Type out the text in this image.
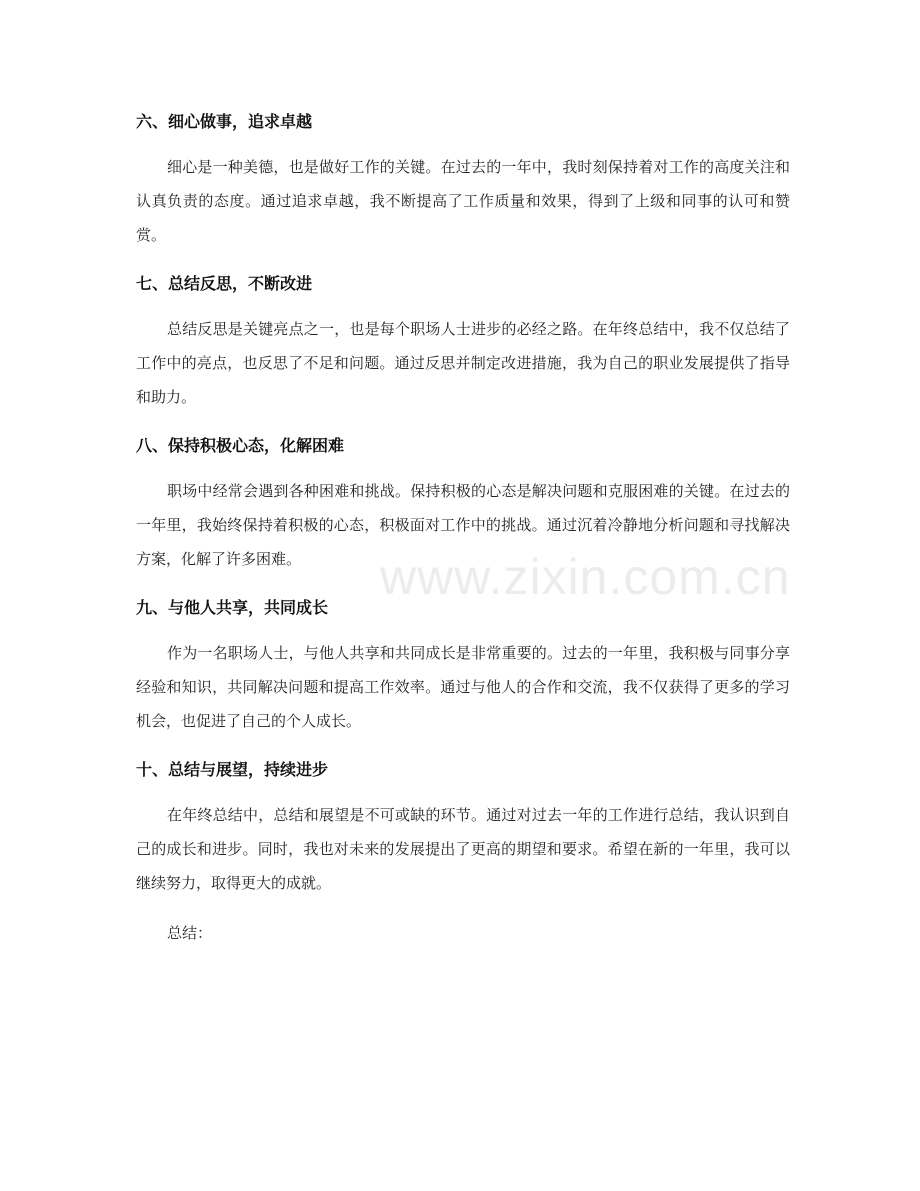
六、细心做事，追求卓越

细心是一种美德，也是做好工作的关键。在过去的一年中，我时刻保持着对工作的高度关注和认真负责的态度。通过追求卓越，我不断提高了工作质量和效果，得到了上级和同事的认可和赞赏。

七、总结反思，不断改进

总结反思是关键亮点之一，也是每个职场人士进步的必经之路。在年终总结中，我不仅总结了工作中的亮点，也反思了不足和问题。通过反思并制定改进措施，我为自己的职业发展提供了指导和助力。

八、保持积极心态，化解困难

职场中经常会遇到各种困难和挑战。保持积极的心态是解决问题和克服困难的关键。在过去的一年里，我始终保持着积极的心态，积极面对工作中的挑战。通过沉着冷静地分析问题和寻找解决方案，化解了许多困难。

九、与他人共享，共同成长

作为一名职场人士，与他人共享和共同成长是非常重要的。过去的一年里，我积极与同事分享经验和知识，共同解决问题和提高工作效率。通过与他人的合作和交流，我不仅获得了更多的学习机会，也促进了自己的个人成长。

十、总结与展望，持续进步

在年终总结中，总结和展望是不可或缺的环节。通过对过去一年的工作进行总结，我认识到自己的成长和进步。同时，我也对未来的发展提出了更高的期望和要求。希望在新的一年里，我可以继续努力，取得更大的成就。

总结：

www.zixin.com.cn
